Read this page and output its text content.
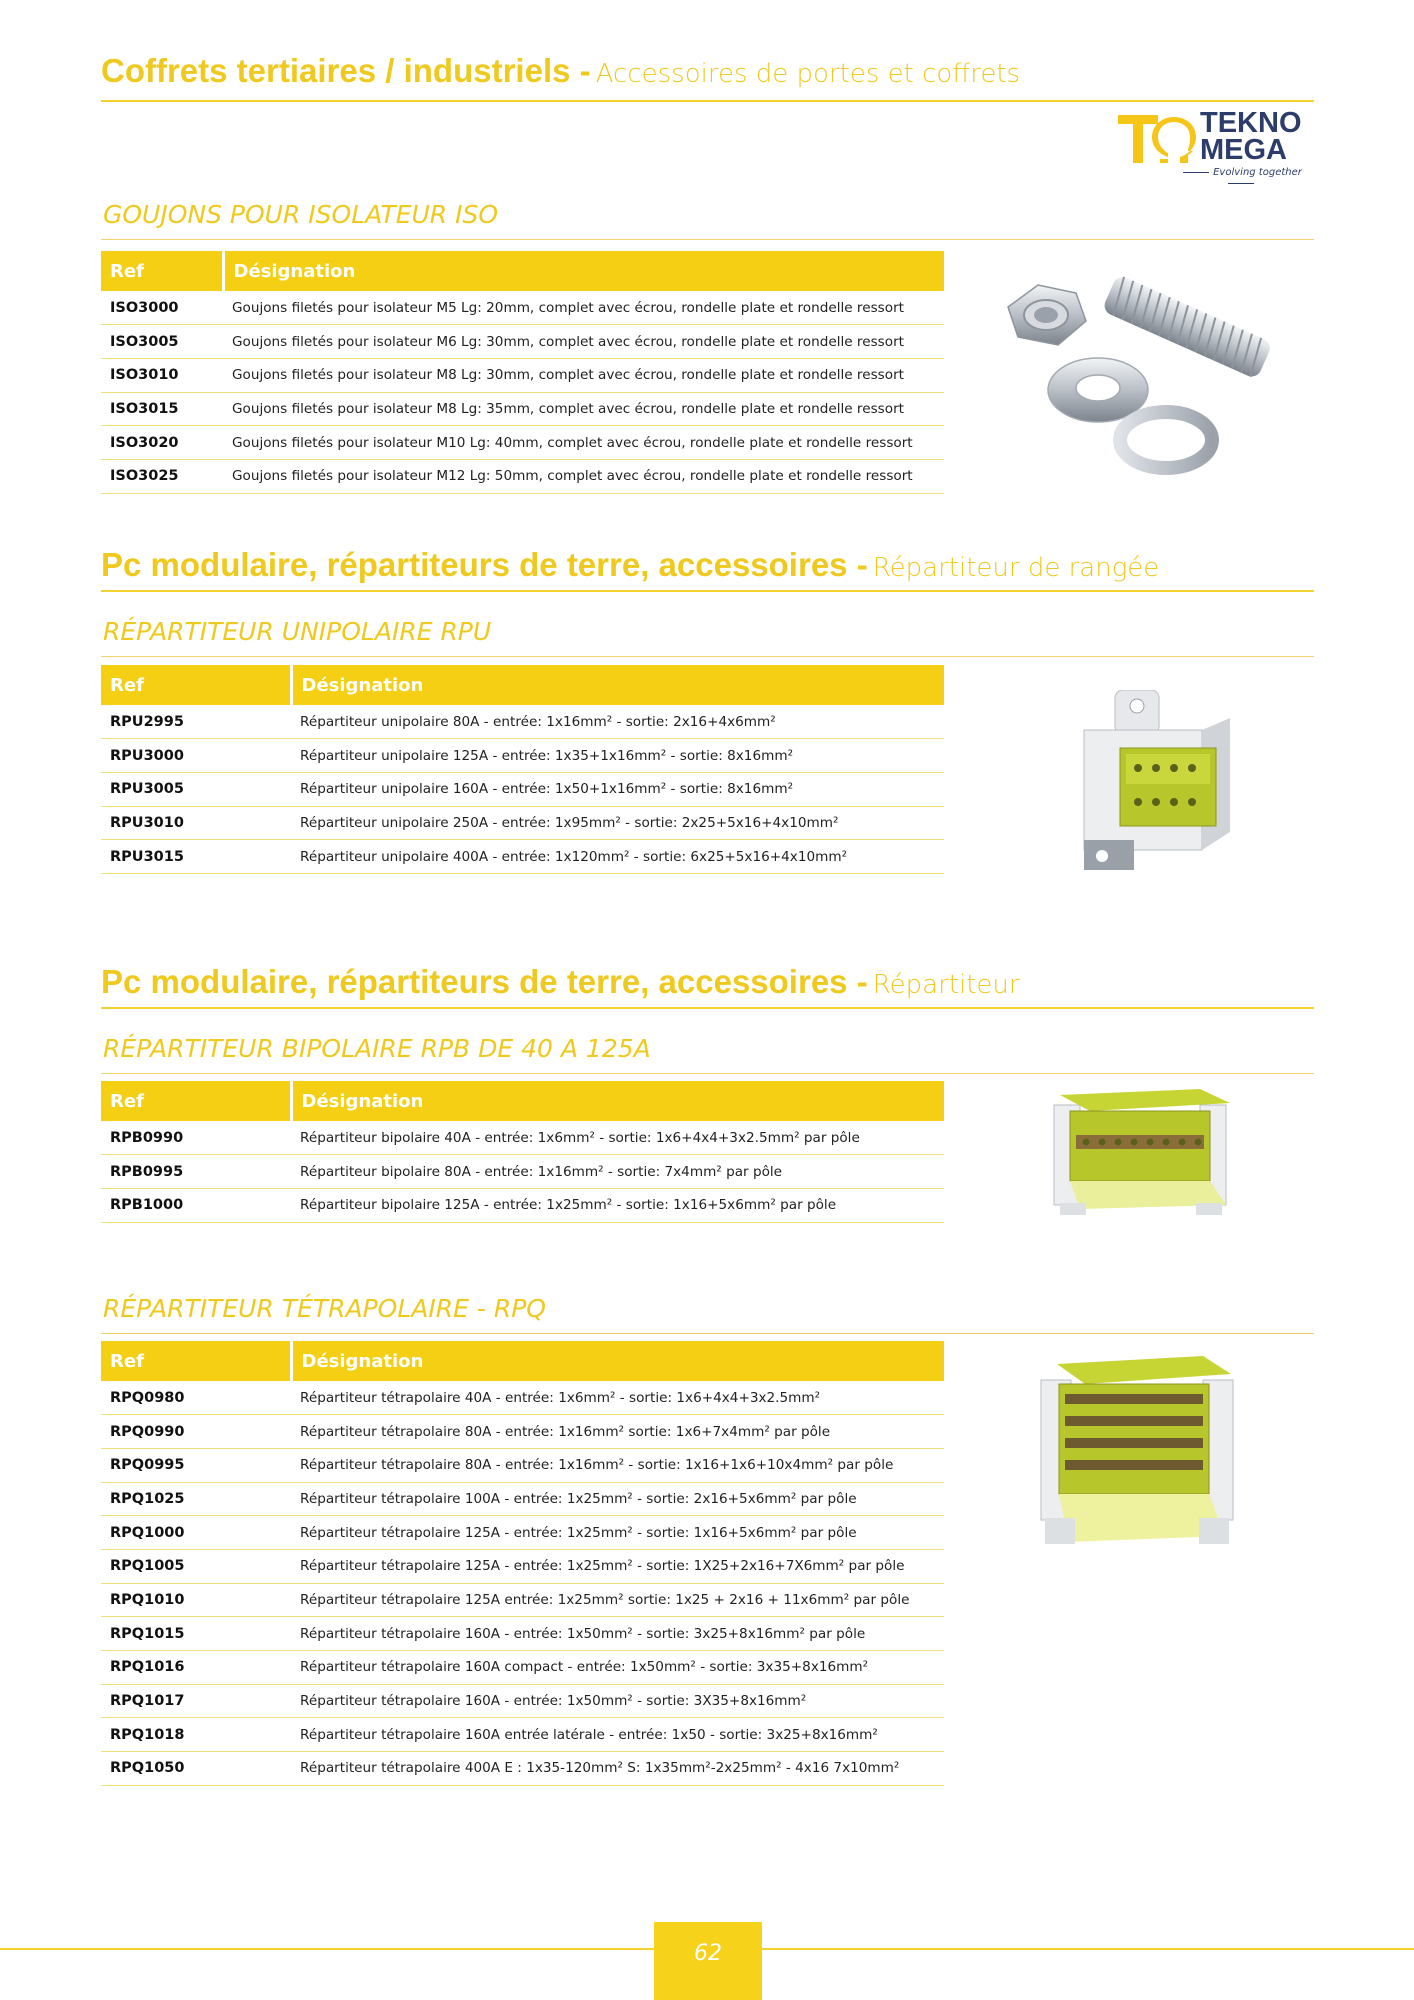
Coffrets tertiaires / industriels - Accessoires de portes et coffrets
TEKNO
MEGA
Evolving together
GOUJONS POUR ISOLATEUR ISO
Ref	Désignation
ISO3000	Goujons filetés pour isolateur M5 Lg: 20mm, complet avec écrou, rondelle plate et rondelle ressort
ISO3005	Goujons filetés pour isolateur M6 Lg: 30mm, complet avec écrou, rondelle plate et rondelle ressort
ISO3010	Goujons filetés pour isolateur M8 Lg: 30mm, complet avec écrou, rondelle plate et rondelle ressort
ISO3015	Goujons filetés pour isolateur M8 Lg: 35mm, complet avec écrou, rondelle plate et rondelle ressort
ISO3020	Goujons filetés pour isolateur M10 Lg: 40mm, complet avec écrou, rondelle plate et rondelle ressort
ISO3025	Goujons filetés pour isolateur M12 Lg: 50mm, complet avec écrou, rondelle plate et rondelle ressort
Pc modulaire, répartiteurs de terre, accessoires - Répartiteur de rangée
RÉPARTITEUR UNIPOLAIRE RPU
Ref	Désignation
RPU2995	Répartiteur unipolaire 80A - entrée: 1x16mm² - sortie: 2x16+4x6mm²
RPU3000	Répartiteur unipolaire 125A - entrée: 1x35+1x16mm² - sortie: 8x16mm²
RPU3005	Répartiteur unipolaire 160A - entrée: 1x50+1x16mm² - sortie: 8x16mm²
RPU3010	Répartiteur unipolaire 250A - entrée: 1x95mm² - sortie: 2x25+5x16+4x10mm²
RPU3015	Répartiteur unipolaire 400A - entrée: 1x120mm² - sortie: 6x25+5x16+4x10mm²
Pc modulaire, répartiteurs de terre, accessoires - Répartiteur
RÉPARTITEUR BIPOLAIRE RPB DE 40 A 125A
Ref	Désignation
RPB0990	Répartiteur bipolaire 40A - entrée: 1x6mm² - sortie: 1x6+4x4+3x2.5mm² par pôle
RPB0995	Répartiteur bipolaire 80A - entrée: 1x16mm² - sortie: 7x4mm² par pôle
RPB1000	Répartiteur bipolaire 125A - entrée: 1x25mm² - sortie: 1x16+5x6mm² par pôle
RÉPARTITEUR TÉTRAPOLAIRE - RPQ
Ref	Désignation
RPQ0980	Répartiteur tétrapolaire 40A - entrée: 1x6mm² - sortie: 1x6+4x4+3x2.5mm²
RPQ0990	Répartiteur tétrapolaire 80A - entrée: 1x16mm² sortie: 1x6+7x4mm² par pôle
RPQ0995	Répartiteur tétrapolaire 80A - entrée: 1x16mm² - sortie: 1x16+1x6+10x4mm² par pôle
RPQ1025	Répartiteur tétrapolaire 100A - entrée: 1x25mm² - sortie: 2x16+5x6mm² par pôle
RPQ1000	Répartiteur tétrapolaire 125A - entrée: 1x25mm² - sortie: 1x16+5x6mm² par pôle
RPQ1005	Répartiteur tétrapolaire 125A - entrée: 1x25mm² - sortie: 1X25+2x16+7X6mm² par pôle
RPQ1010	Répartiteur tétrapolaire 125A entrée: 1x25mm² sortie: 1x25 + 2x16 + 11x6mm² par pôle
RPQ1015	Répartiteur tétrapolaire 160A - entrée: 1x50mm² - sortie: 3x25+8x16mm² par pôle
RPQ1016	Répartiteur tétrapolaire 160A compact - entrée: 1x50mm² - sortie: 3x35+8x16mm²
RPQ1017	Répartiteur tétrapolaire 160A - entrée: 1x50mm² - sortie: 3X35+8x16mm²
RPQ1018	Répartiteur tétrapolaire 160A entrée latérale - entrée: 1x50 - sortie: 3x25+8x16mm²
RPQ1050	Répartiteur tétrapolaire 400A E : 1x35-120mm² S: 1x35mm²-2x25mm² - 4x16 7x10mm²
62
